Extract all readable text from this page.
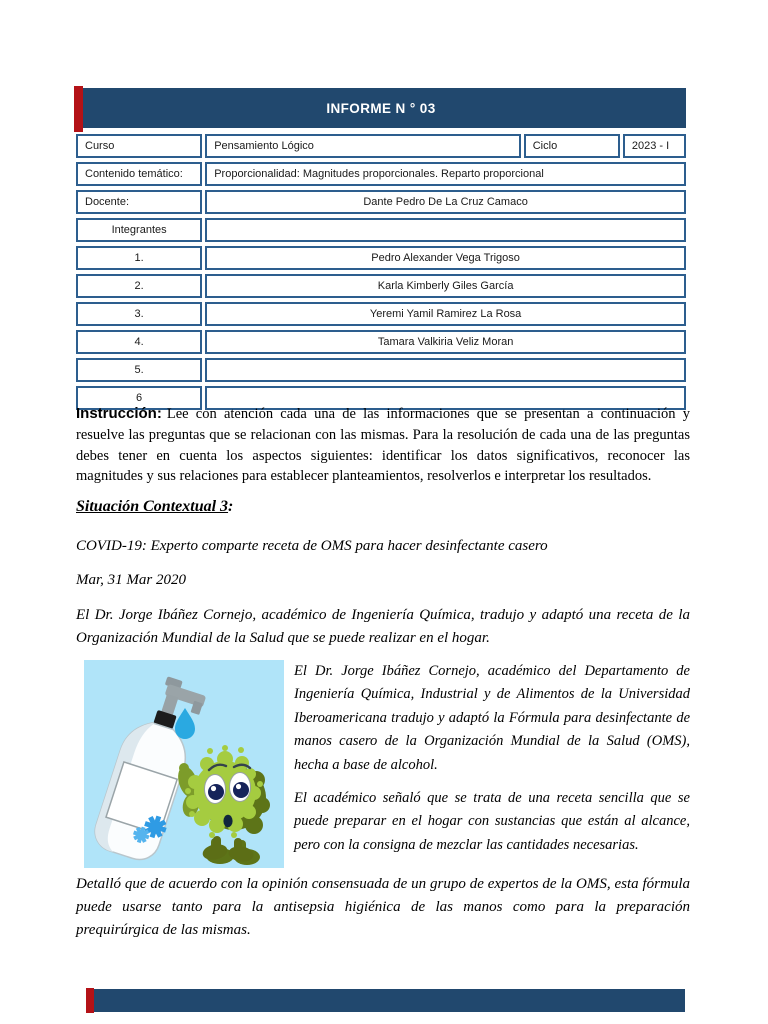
INFORME N ° 03
Curso	Pensamiento Lógico	Ciclo	2023 - I
Contenido temático:	Proporcionalidad: Magnitudes proporcionales. Reparto proporcional		
Docente:	Dante Pedro De La Cruz Camaco		
Integrantes			
1.	Pedro Alexander Vega Trigoso		
2.	Karla Kimberly Giles García		
3.	Yeremi Yamil Ramirez La Rosa		
4.	Tamara Valkiria Veliz Moran		
5.			
6			
Instrucción: Lee con atención cada una de las informaciones que se presentan a continuación y resuelve las preguntas que se relacionan con las mismas. Para la resolución de cada una de las preguntas debes tener en cuenta los aspectos siguientes: identificar los datos significativos, reconocer las magnitudes y sus relaciones para establecer planteamientos, resolverlos e interpretar los resultados.
Situación Contextual 3:

COVID-19: Experto comparte receta de OMS para hacer desinfectante casero

Mar, 31 Mar 2020

El Dr. Jorge Ibáñez Cornejo, académico de Ingeniería Química, tradujo y adaptó una receta de la Organización Mundial de la Salud que se puede realizar en el hogar.

El Dr. Jorge Ibáñez Cornejo, académico del Departamento de Ingeniería Química, Industrial y de Alimentos de la Universidad Iberoamericana tradujo y adaptó la Fórmula para desinfectante de manos casero de la Organización Mundial de la Salud (OMS), hecha a base de alcohol.

El académico señaló que se trata de una receta sencilla que se puede preparar en el hogar con sustancias que están al alcance, pero con la consigna de mezclar las cantidades necesarias.

Detalló que de acuerdo con la opinión consensuada de un grupo de expertos de la OMS, esta fórmula puede usarse tanto para la antisepsia higiénica de las manos como para la preparación prequirúrgica de las mismas.
